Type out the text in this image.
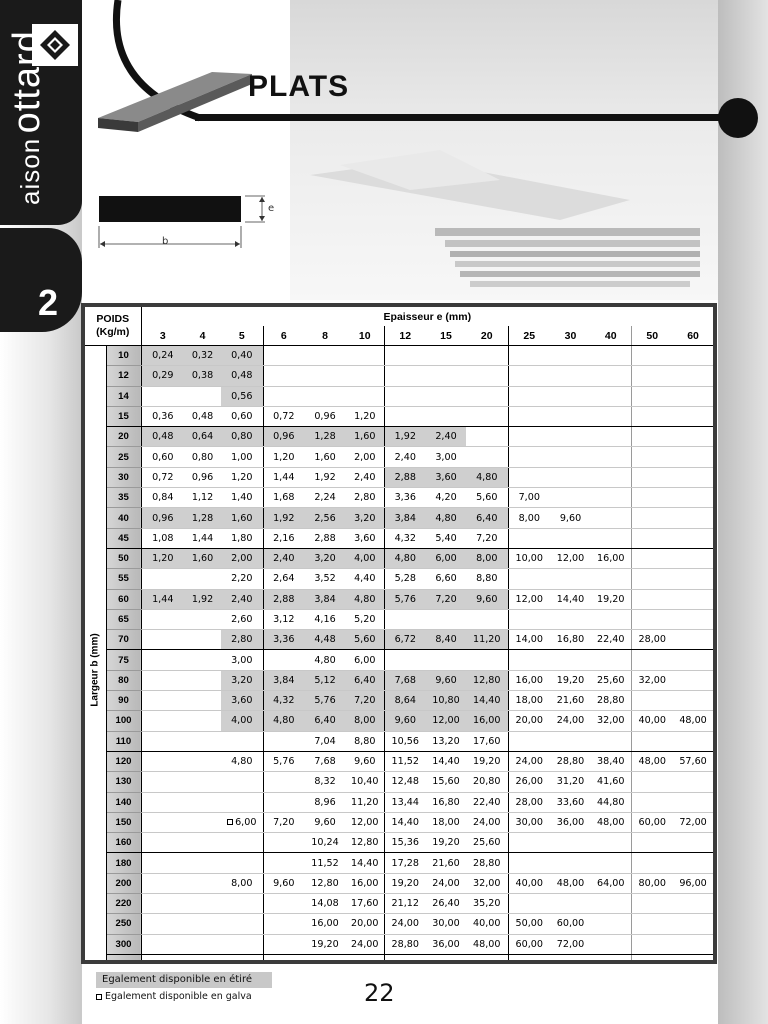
PLATS
aison ottard
2
e
b
POIDS
(Kg/m)		Epaisseur e (mm)													
		3	4	5	6	8	10	12	15	20	25	30	40	50	60

Largeur b (mm)	10	0,24	0,32	0,40											
	12	0,29	0,38	0,48											
	14			0,56											
	15	0,36	0,48	0,60	0,72	0,96	1,20								
	20	0,48	0,64	0,80	0,96	1,28	1,60	1,92	2,40						
	25	0,60	0,80	1,00	1,20	1,60	2,00	2,40	3,00						
	30	0,72	0,96	1,20	1,44	1,92	2,40	2,88	3,60	4,80					
	35	0,84	1,12	1,40	1,68	2,24	2,80	3,36	4,20	5,60	7,00				
	40	0,96	1,28	1,60	1,92	2,56	3,20	3,84	4,80	6,40	8,00	9,60			
	45	1,08	1,44	1,80	2,16	2,88	3,60	4,32	5,40	7,20					
	50	1,20	1,60	2,00	2,40	3,20	4,00	4,80	6,00	8,00	10,00	12,00	16,00		
	55			2,20	2,64	3,52	4,40	5,28	6,60	8,80					
	60	1,44	1,92	2,40	2,88	3,84	4,80	5,76	7,20	9,60	12,00	14,40	19,20		
	65			2,60	3,12	4,16	5,20								
	70			2,80	3,36	4,48	5,60	6,72	8,40	11,20	14,00	16,80	22,40	28,00	
	75			3,00		4,80	6,00								
	80			3,20	3,84	5,12	6,40	7,68	9,60	12,80	16,00	19,20	25,60	32,00	
	90			3,60	4,32	5,76	7,20	8,64	10,80	14,40	18,00	21,60	28,80		
	100			4,00	4,80	6,40	8,00	9,60	12,00	16,00	20,00	24,00	32,00	40,00	48,00
	110					7,04	8,80	10,56	13,20	17,60					
	120			4,80	5,76	7,68	9,60	11,52	14,40	19,20	24,00	28,80	38,40	48,00	57,60
	130					8,32	10,40	12,48	15,60	20,80	26,00	31,20	41,60		
	140					8,96	11,20	13,44	16,80	22,40	28,00	33,60	44,80		
	150			6,00	7,20	9,60	12,00	14,40	18,00	24,00	30,00	36,00	48,00	60,00	72,00
	160					10,24	12,80	15,36	19,20	25,60					
	180					11,52	14,40	17,28	21,60	28,80					
	200			8,00	9,60	12,80	16,00	19,20	24,00	32,00	40,00	48,00	64,00	80,00	96,00
	220					14,08	17,60	21,12	26,40	35,20					
	250					16,00	20,00	24,00	30,00	40,00	50,00	60,00			
	300					19,20	24,00	28,80	36,00	48,00	60,00	72,00			

Egalement disponible en étiré
Egalement disponible en galva	22
